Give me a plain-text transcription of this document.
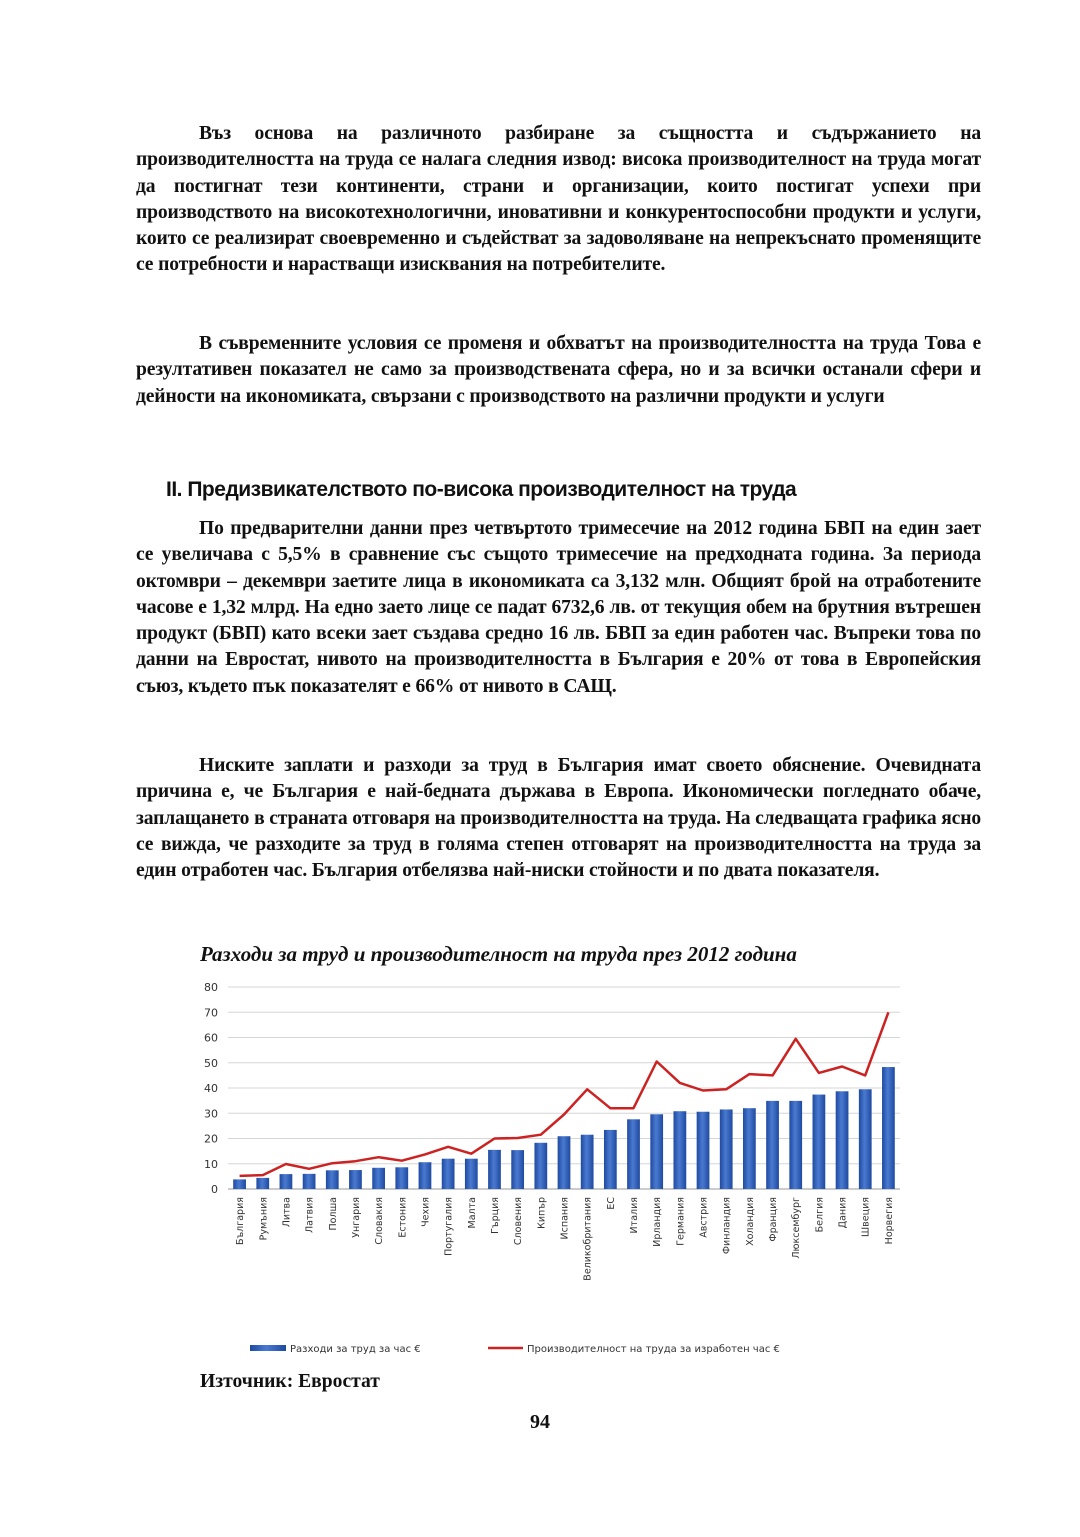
Въз основа на различното разбиране за същността и съдържанието на производителността на труда се налага следния извод: висока производителност на труда могат да постигнат тези континенти, страни и организации, които постигат успехи при производството на високотехнологични, иновативни и конкурентоспособни продукти и услуги, които се реализират своевременно и съдействат за задоволяване на непрекъснато променящите се потребности и нарастващи изисквания на потребителите.

В съвременните условия се променя и обхватът на производителността на труда Това е резултативен показател не само за производствената сфера, но и за всички останали сфери и дейности на икономиката, свързани с производството на различни продукти и услуги

II. Предизвикателството по-висока производителност на труда

По предварителни данни през четвъртото тримесечие на 2012 година БВП на един зает се увеличава с 5,5% в сравнение със същото тримесечие на предходната година. За периода октомври – декември заетите лица в икономиката са 3,132 млн. Общият брой на отработените часове е 1,32 млрд. На едно заето лице се падат 6732,6 лв. от текущия обем на брутния вътрешен продукт (БВП) като всеки зает създава средно 16 лв. БВП за един работен час. Въпреки това по данни на Евростат, нивото на производителността в България е 20% от това в Европейския съюз, където пък показателят е 66% от нивото в САЩ.

Ниските заплати и разходи за труд в България имат своето обяснение. Очевидната причина е, че България е най-бедната държава в Европа. Икономически погледнато обаче, заплащането в страната отговаря на производителността на труда. На следващата графика ясно се вижда, че разходите за труд в голяма степен отговарят на производителността на труда за един отработен час. България отбелязва най-ниски стойности и по двата показателя.

Разходи за труд и производителност на труда през 2012 година

0
10
20
30
40
50
60
70
80
България Румъния Литва Латвия Полша Унгария Словакия Естония Чехия Португалия Малта Гърция Словения Кипър Испания Великобритания ЕС Италия Ирландия Германия Австрия Финландия Холандия Франция Люксембург Белгия Дания Швеция Норвегия
Разходи за труд за час €	Производителност на труда за изработен час €

Източник: Евростат

94
